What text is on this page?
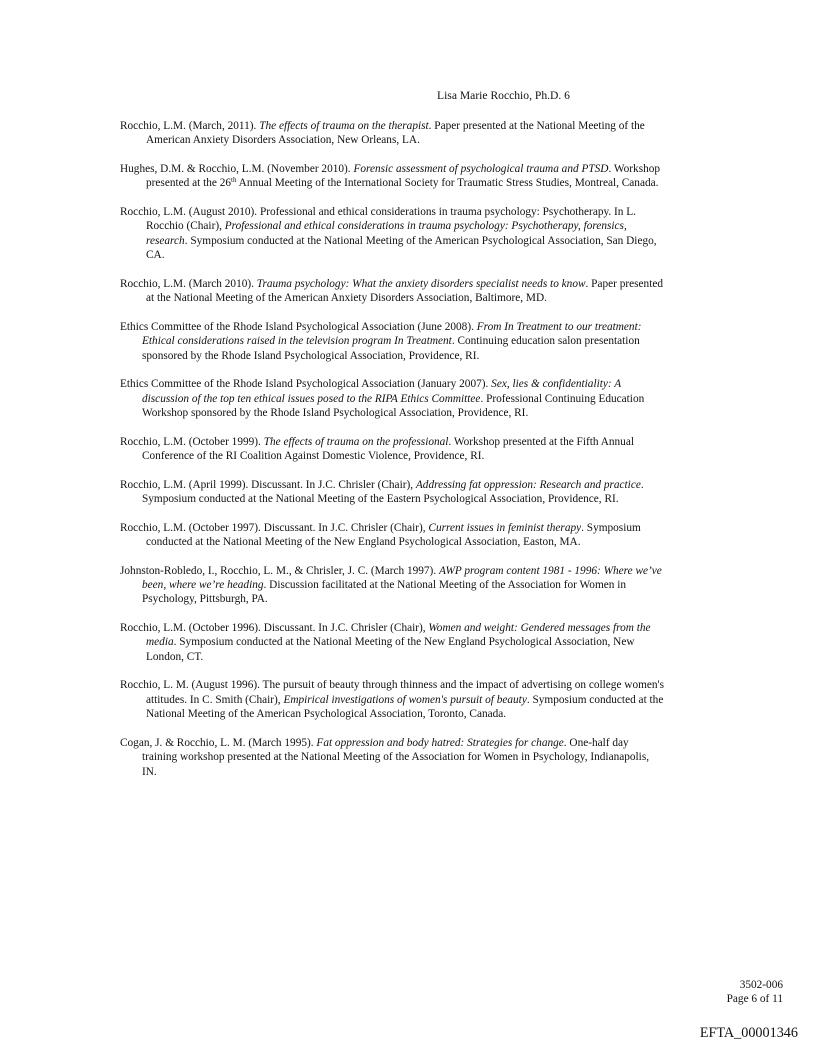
Lisa Marie Rocchio, Ph.D. 6

Rocchio, L.M. (March, 2011). The effects of trauma on the therapist. Paper presented at the National Meeting of the American Anxiety Disorders Association, New Orleans, LA.

Hughes, D.M. & Rocchio, L.M. (November 2010). Forensic assessment of psychological trauma and PTSD. Workshop presented at the 26th Annual Meeting of the International Society for Traumatic Stress Studies, Montreal, Canada.

Rocchio, L.M. (August 2010). Professional and ethical considerations in trauma psychology: Psychotherapy. In L. Rocchio (Chair), Professional and ethical considerations in trauma psychology: Psychotherapy, forensics, research. Symposium conducted at the National Meeting of the American Psychological Association, San Diego, CA.

Rocchio, L.M. (March 2010). Trauma psychology: What the anxiety disorders specialist needs to know. Paper presented at the National Meeting of the American Anxiety Disorders Association, Baltimore, MD.

Ethics Committee of the Rhode Island Psychological Association (June 2008). From In Treatment to our treatment: Ethical considerations raised in the television program In Treatment. Continuing education salon presentation sponsored by the Rhode Island Psychological Association, Providence, RI.

Ethics Committee of the Rhode Island Psychological Association (January 2007). Sex, lies & confidentiality: A discussion of the top ten ethical issues posed to the RIPA Ethics Committee. Professional Continuing Education Workshop sponsored by the Rhode Island Psychological Association, Providence, RI.

Rocchio, L.M. (October 1999). The effects of trauma on the professional. Workshop presented at the Fifth Annual Conference of the RI Coalition Against Domestic Violence, Providence, RI.

Rocchio, L.M. (April 1999). Discussant. In J.C. Chrisler (Chair), Addressing fat oppression: Research and practice. Symposium conducted at the National Meeting of the Eastern Psychological Association, Providence, RI.

Rocchio, L.M. (October 1997). Discussant. In J.C. Chrisler (Chair), Current issues in feminist therapy. Symposium conducted at the National Meeting of the New England Psychological Association, Easton, MA.

Johnston-Robledo, I., Rocchio, L. M., & Chrisler, J. C. (March 1997). AWP program content 1981 - 1996: Where we’ve been, where we’re heading. Discussion facilitated at the National Meeting of the Association for Women in Psychology, Pittsburgh, PA.

Rocchio, L.M. (October 1996). Discussant. In J.C. Chrisler (Chair), Women and weight: Gendered messages from the media. Symposium conducted at the National Meeting of the New England Psychological Association, New London, CT.

Rocchio, L. M. (August 1996). The pursuit of beauty through thinness and the impact of advertising on college women's attitudes. In C. Smith (Chair), Empirical investigations of women's pursuit of beauty. Symposium conducted at the National Meeting of the American Psychological Association, Toronto, Canada.

Cogan, J. & Rocchio, L. M. (March 1995). Fat oppression and body hatred: Strategies for change. One-half day training workshop presented at the National Meeting of the Association for Women in Psychology, Indianapolis, IN.

3502-006
Page 6 of 11
EFTA_00001346
